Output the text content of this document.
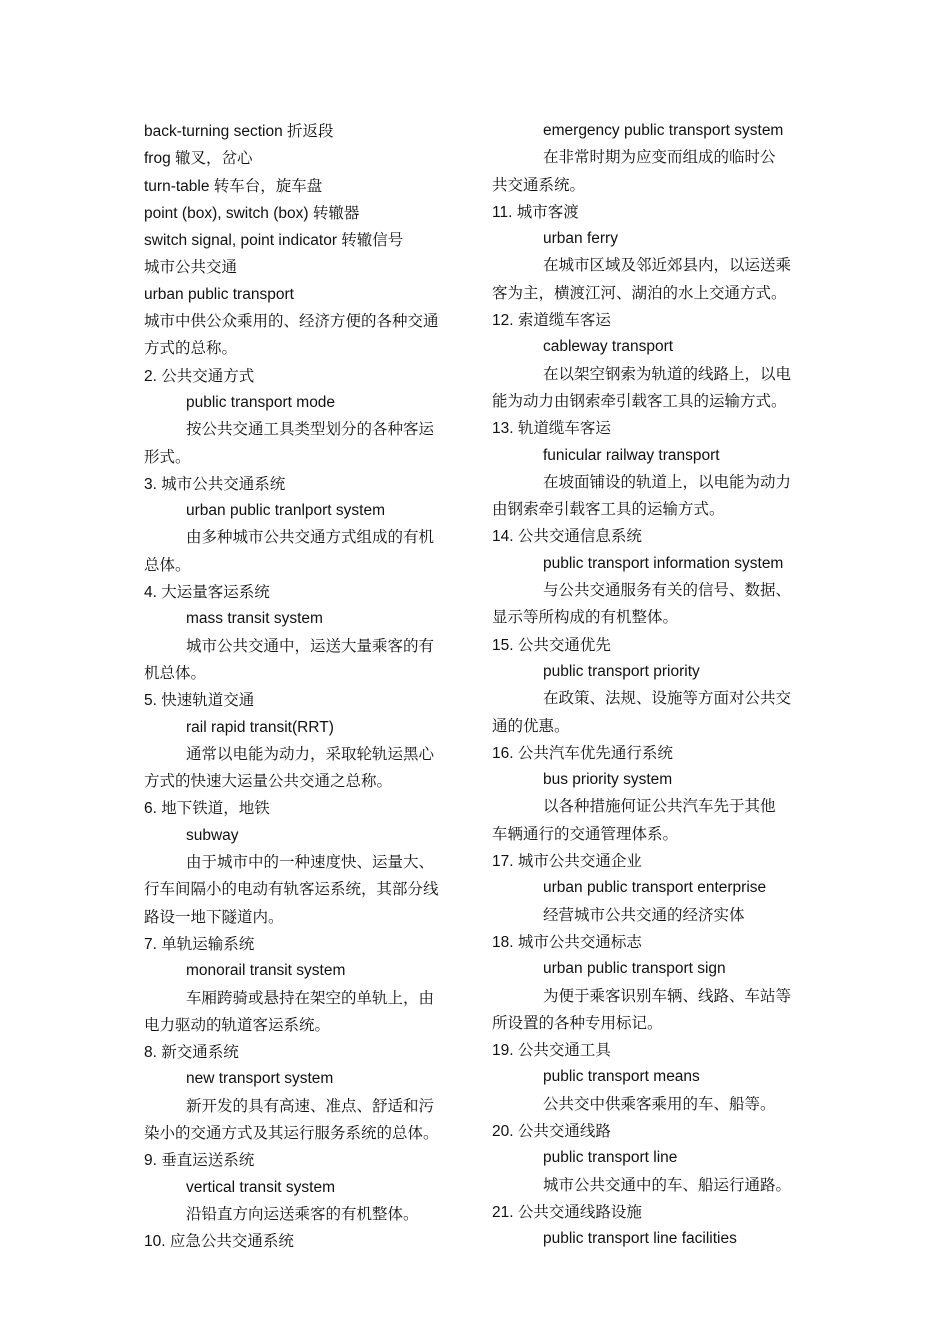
back-turning section 折返段

frog 辙叉，岔心

turn-table 转车台，旋车盘

point (box), switch (box) 转辙器

switch signal, point indicator 转辙信号

城市公共交通

urban public transport

城市中供公众乘用的、经济方便的各种交通

方式的总称。

2. 公共交通方式

public transport mode

按公共交通工具类型划分的各种客运

形式。

3. 城市公共交通系统

urban public tranlport system

由多种城市公共交通方式组成的有机

总体。

4. 大运量客运系统

mass transit system

城市公共交通中，运送大量乘客的有

机总体。

5. 快速轨道交通

rail rapid transit(RRT)

通常以电能为动力，采取轮轨运黑心

方式的快速大运量公共交通之总称。

6. 地下铁道，地铁

subway

由于城市中的一种速度快、运量大、

行车间隔小的电动有轨客运系统，其部分线

路设一地下隧道内。

7. 单轨运输系统

monorail transit system

车厢跨骑或悬持在架空的单轨上，由

电力驱动的轨道客运系统。

8. 新交通系统

new transport system

新开发的具有高速、准点、舒适和污

染小的交通方式及其运行服务系统的总体。

9. 垂直运送系统

vertical transit system

沿铅直方向运送乘客的有机整体。

10. 应急公共交通系统

emergency public transport system

在非常时期为应变而组成的临时公

共交通系统。

11. 城市客渡

urban ferry

在城市区域及邻近郊县内，以运送乘

客为主，横渡江河、湖泊的水上交通方式。

12. 索道缆车客运

cableway transport

在以架空钢索为轨道的线路上，以电

能为动力由钢索牵引载客工具的运输方式。

13. 轨道缆车客运

funicular railway transport

在坡面铺设的轨道上，以电能为动力

由钢索牵引载客工具的运输方式。

14. 公共交通信息系统

public transport information system

与公共交通服务有关的信号、数据、

显示等所构成的有机整体。

15. 公共交通优先

public transport priority

在政策、法规、设施等方面对公共交

通的优惠。

16. 公共汽车优先通行系统

bus priority system

以各种措施何证公共汽车先于其他

车辆通行的交通管理体系。

17. 城市公共交通企业

urban public transport enterprise

经营城市公共交通的经济实体

18. 城市公共交通标志

urban public transport sign

为便于乘客识别车辆、线路、车站等

所设置的各种专用标记。

19. 公共交通工具

public transport means

公共交中供乘客乘用的车、船等。

20. 公共交通线路

public transport line

城市公共交通中的车、船运行通路。

21. 公共交通线路设施

public transport line facilities
